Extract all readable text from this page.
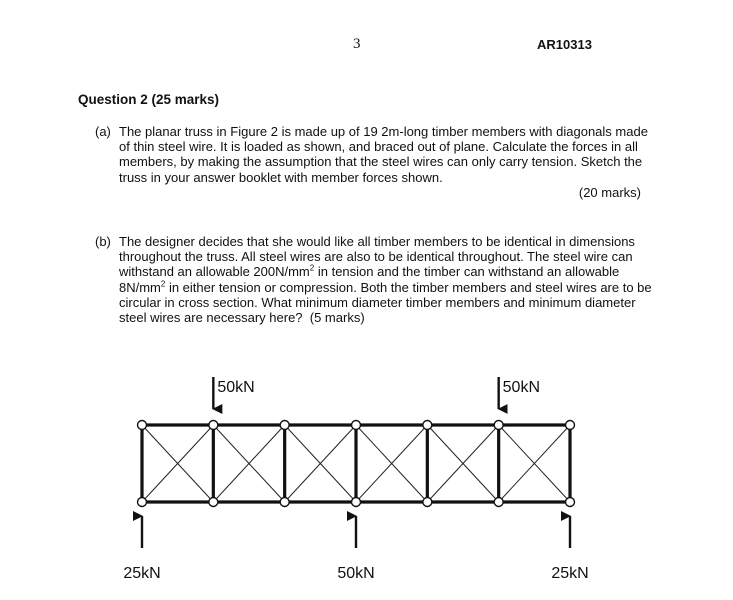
3	AR10313
Question 2 (25 marks)
(a) The planar truss in Figure 2 is made up of 19 2m-long timber members with diagonals made of thin steel wire. It is loaded as shown, and braced out of plane. Calculate the forces in all members, by making the assumption that the steel wires can only carry tension. Sketch the truss in your answer booklet with member forces shown.
(20 marks)
(b) The designer decides that she would like all timber members to be identical in dimensions throughout the truss. All steel wires are also to be identical throughout. The steel wire can withstand an allowable $200N/mm^2$ in tension and the timber can withstand an allowable $8N/mm^2$ in either tension or compression. Both the timber members and steel wires are to be circular in cross section. What minimum diameter timber members and minimum diameter steel wires are necessary here? (5 marks)
50kN	50kN
25kN	50kN	25kN
